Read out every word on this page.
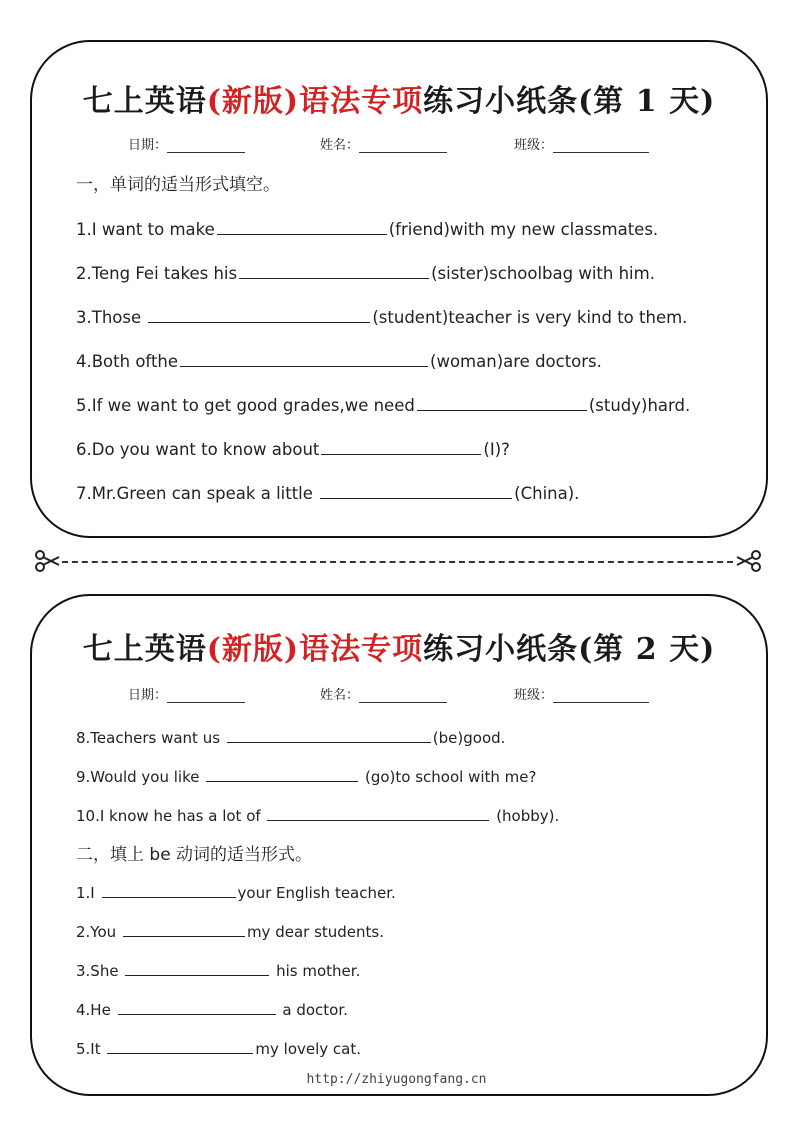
七上英语(新版)语法专项练习小纸条(第 1 天)
日期：	姓名：	班级：
一，单词的适当形式填空。
1.I want to make	(friend)with my new classmates.
2.Teng Fei takes his	(sister)schoolbag with him.
3.Those	(student)teacher is very kind to them.
4.Both ofthe	(woman)are doctors.
5.If we want to get good grades,we need	(study)hard.
6.Do you want to know about	(I)?
7.Mr.Green can speak a little	(China).
七上英语(新版)语法专项练习小纸条(第 2 天)
日期：	姓名：	班级：
8.Teachers want us	(be)good.
9.Would you like	(go)to school with me?
10.I know he has a lot of	(hobby).
二，填上 be 动词的适当形式。
1.I	your English teacher.
2.You	my dear students.
3.She	his mother.
4.He	a doctor.
5.It	my lovely cat.
http://zhiyugongfang.cn
